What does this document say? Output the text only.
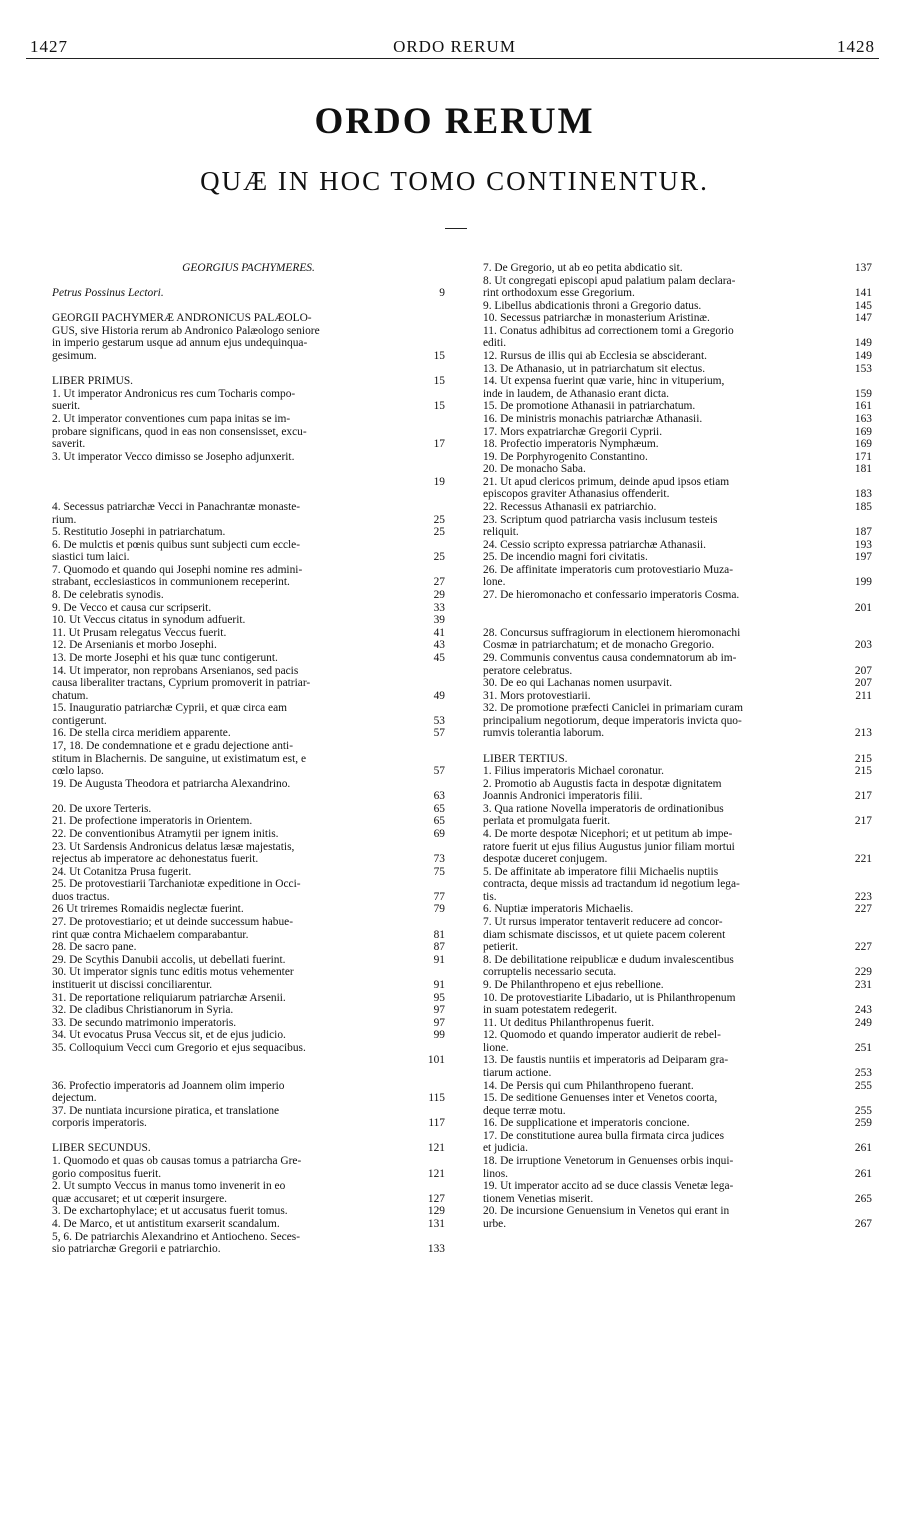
1427	ORDO RERUM	1428
ORDO RERUM
QUÆ IN HOC TOMO CONTINENTUR.
GEORGIUS PACHYMERES.
Petrus Possinus Lectori.	9
GEORGII PACHYMERÆ ANDRONICUS PALÆOLO-
GUS, sive Historia rerum ab Andronico Palæologo seniore
in imperio gestarum usque ad annum ejus undequinqua-
gesimum.	15
LIBER PRIMUS.	15
1. Ut imperator Andronicus res cum Tocharis compo-
suerit.	15
2. Ut imperator conventiones cum papa initas se im-
probare significans, quod in eas non consensisset, excu-
saverit.	17
3. Ut imperator Vecco dimisso se Josepho adjunxerit.
19
4. Secessus patriarchæ Vecci in Panachrantæ monaste-
rium.	25
5. Restitutio Josephi in patriarchatum.	25
6. De mulctis et pœnis quibus sunt subjecti cum eccle-
siastici tum laici.	25
7. Quomodo et quando qui Josephi nomine res admini-
strabant, ecclesiasticos in communionem receperint.	27
8. De celebratis synodis.	29
9. De Vecco et causa cur scripserit.	33
10. Ut Veccus citatus in synodum adfuerit.	39
11. Ut Prusam relegatus Veccus fuerit.	41
12. De Arsenianis et morbo Josephi.	43
13. De morte Josephi et his quæ tunc contigerunt.	45
14. Ut imperator, non reprobans Arsenianos, sed pacis
causa liberaliter tractans, Cyprium promoverit in patriar-
chatum.	49
15. Inauguratio patriarchæ Cyprii, et quæ circa eam
contigerunt.	53
16. De stella circa meridiem apparente.	57
17, 18. De condemnatione et e gradu dejectione anti-
stitum in Blachernis. De sanguine, ut existimatum est, e
cœlo lapso.	57
19. De Augusta Theodora et patriarcha Alexandrino.
63
20. De uxore Terteris.	65
21. De profectione imperatoris in Orientem.	65
22. De conventionibus Atramytii per ignem initis.	69
23. Ut Sardensis Andronicus delatus læsæ majestatis,
rejectus ab imperatore ac dehonestatus fuerit.	73
24. Ut Cotanitza Prusa fugerit.	75
25. De protovestiarii Tarchaniotæ expeditione in Occi-
duos tractus.	77
26 Ut triremes Romaidis neglectæ fuerint.	79
27. De protovestiario; et ut deinde successum habue-
rint quæ contra Michaelem comparabantur.	81
28. De sacro pane.	87
29. De Scythis Danubii accolis, ut debellati fuerint.	91
30. Ut imperator signis tunc editis motus vehementer
instituerit ut discissi conciliarentur.	91
31. De reportatione reliquiarum patriarchæ Arsenii.	95
32. De cladibus Christianorum in Syria.	97
33. De secundo matrimonio imperatoris.	97
34. Ut evocatus Prusa Veccus sit, et de ejus judicio.	99
35. Colloquium Vecci cum Gregorio et ejus sequacibus.
101
36. Profectio imperatoris ad Joannem olim imperio
dejectum.	115
37. De nuntiata incursione piratica, et translatione
corporis imperatoris.	117
LIBER SECUNDUS.	121
1. Quomodo et quas ob causas tomus a patriarcha Gre-
gorio compositus fuerit.	121
2. Ut sumpto Veccus in manus tomo invenerit in eo
quæ accusaret; et ut cœperit insurgere.	127
3. De exchartophylace; et ut accusatus fuerit tomus.	129
4. De Marco, et ut antistitum exarserit scandalum.	131
5, 6. De patriarchis Alexandrino et Antiocheno. Seces-
sio patriarchæ Gregorii e patriarchio.	133
7. De Gregorio, ut ab eo petita abdicatio sit.	137
8. Ut congregati episcopi apud palatium palam declara-
rint orthodoxum esse Gregorium.	141
9. Libellus abdicationis throni a Gregorio datus.	145
10. Secessus patriarchæ in monasterium Aristinæ.	147
11. Conatus adhibitus ad correctionem tomi a Gregorio
editi.	149
12. Rursus de illis qui ab Ecclesia se absciderant.	149
13. De Athanasio, ut in patriarchatum sit electus.	153
14. Ut expensa fuerint quæ varie, hinc in vituperium,
inde in laudem, de Athanasio erant dicta.	159
15. De promotione Athanasii in patriarchatum.	161
16. De ministris monachis patriarchæ Athanasii.	163
17. Mors expatriarchæ Gregorii Cyprii.	169
18. Profectio imperatoris Nymphæum.	169
19. De Porphyrogenito Constantino.	171
20. De monacho Saba.	181
21. Ut apud clericos primum, deinde apud ipsos etiam
episcopos graviter Athanasius offenderit.	183
22. Recessus Athanasii ex patriarchio.	185
23. Scriptum quod patriarcha vasis inclusum testeis
reliquit.	187
24. Cessio scripto expressa patriarchæ Athanasii.	193
25. De incendio magni fori civitatis.	197
26. De affinitate imperatoris cum protovestiario Muza-
lone.	199
27. De hieromonacho et confessario imperatoris Cosma.
201
28. Concursus suffragiorum in electionem hieromonachi
Cosmæ in patriarchatum; et de monacho Gregorio.	203
29. Communis conventus causa condemnatorum ab im-
peratore celebratus.	207
30. De eo qui Lachanas nomen usurpavit.	207
31. Mors protovestiarii.	211
32. De promotione præfecti Caniclei in primariam curam
principalium negotiorum, deque imperatoris invicta quo-
rumvis tolerantia laborum.	213
LIBER TERTIUS.	215
1. Filius imperatoris Michael coronatur.	215
2. Promotio ab Augustis facta in despotæ dignitatem
Joannis Andronici imperatoris filii.	217
3. Qua ratione Novella imperatoris de ordinationibus
perlata et promulgata fuerit.	217
4. De morte despotæ Nicephori; et ut petitum ab impe-
ratore fuerit ut ejus filius Augustus junior filiam mortui
despotæ duceret conjugem.	221
5. De affinitate ab imperatore filii Michaelis nuptiis
contracta, deque missis ad tractandum id negotium lega-
tis.	223
6. Nuptiæ imperatoris Michaelis.	227
7. Ut rursus imperator tentaverit reducere ad concor-
diam schismate discissos, et ut quiete pacem colerent
petierit.	227
8. De debilitatione reipublicæ e dudum invalescentibus
corruptelis necessario secuta.	229
9. De Philanthropeno et ejus rebellione.	231
10. De protovestiarite Libadario, ut is Philanthropenum
in suam potestatem redegerit.	243
11. Ut deditus Philanthropenus fuerit.	249
12. Quomodo et quando imperator audierit de rebel-
lione.	251
13. De faustis nuntiis et imperatoris ad Deiparam gra-
tiarum actione.	253
14. De Persis qui cum Philanthropeno fuerant.	255
15. De seditione Genuenses inter et Venetos coorta,
deque terræ motu.	255
16. De supplicatione et imperatoris concione.	259
17. De constitutione aurea bulla firmata circa judices
et judicia.	261
18. De irruptione Venetorum in Genuenses orbis inqui-
linos.	261
19. Ut imperator accito ad se duce classis Venetæ lega-
tionem Venetias miserit.	265
20. De incursione Genuensium in Venetos qui erant in
urbe.	267
